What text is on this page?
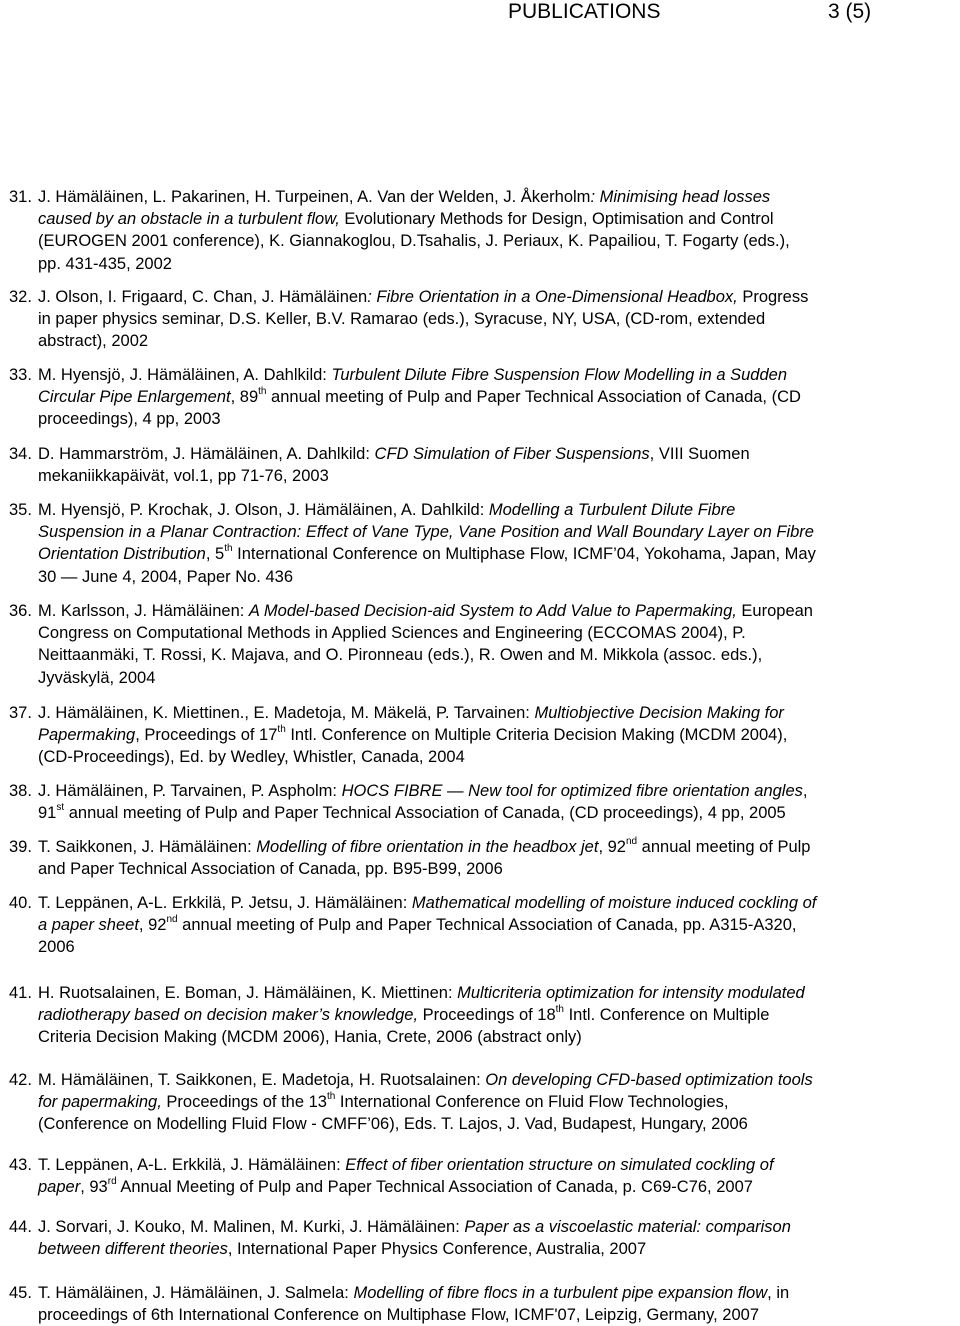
PUBLICATIONS	3 (5)
31. J. Hämäläinen, L. Pakarinen, H. Turpeinen, A. Van der Welden, J. Åkerholm: Minimising head losses
caused by an obstacle in a turbulent flow, Evolutionary Methods for Design, Optimisation and Control
(EUROGEN 2001 conference), K. Giannakoglou, D.Tsahalis, J. Periaux, K. Papailiou, T. Fogarty (eds.),
pp. 431-435, 2002
32. J. Olson, I. Frigaard, C. Chan, J. Hämäläinen: Fibre Orientation in a One-Dimensional Headbox, Progress
in paper physics seminar, D.S. Keller, B.V. Ramarao (eds.), Syracuse, NY, USA, (CD-rom, extended
abstract), 2002
33. M. Hyensjö, J. Hämäläinen, A. Dahlkild: Turbulent Dilute Fibre Suspension Flow Modelling in a Sudden
Circular Pipe Enlargement, 89th annual meeting of Pulp and Paper Technical Association of Canada, (CD
proceedings), 4 pp, 2003
34. D. Hammarström, J. Hämäläinen, A. Dahlkild: CFD Simulation of Fiber Suspensions, VIII Suomen
mekaniikkapäivät, vol.1, pp 71-76, 2003
35. M. Hyensjö, P. Krochak, J. Olson, J. Hämäläinen, A. Dahlkild: Modelling a Turbulent Dilute Fibre
Suspension in a Planar Contraction: Effect of Vane Type, Vane Position and Wall Boundary Layer on Fibre
Orientation Distribution, 5th International Conference on Multiphase Flow, ICMF’04, Yokohama, Japan, May
30 — June 4, 2004, Paper No. 436
36. M. Karlsson, J. Hämäläinen: A Model-based Decision-aid System to Add Value to Papermaking, European
Congress on Computational Methods in Applied Sciences and Engineering (ECCOMAS 2004), P.
Neittaanmäki, T. Rossi, K. Majava, and O. Pironneau (eds.), R. Owen and M. Mikkola (assoc. eds.),
Jyväskylä, 2004
37. J. Hämäläinen, K. Miettinen., E. Madetoja, M. Mäkelä, P. Tarvainen: Multiobjective Decision Making for
Papermaking, Proceedings of 17th Intl. Conference on Multiple Criteria Decision Making (MCDM 2004),
(CD-Proceedings), Ed. by Wedley, Whistler, Canada, 2004
38. J. Hämäläinen, P. Tarvainen, P. Aspholm: HOCS FIBRE — New tool for optimized fibre orientation angles,
91st annual meeting of Pulp and Paper Technical Association of Canada, (CD proceedings), 4 pp, 2005
39. T. Saikkonen, J. Hämäläinen: Modelling of fibre orientation in the headbox jet, 92nd annual meeting of Pulp
and Paper Technical Association of Canada, pp. B95-B99, 2006
40. T. Leppänen, A-L. Erkkilä, P. Jetsu, J. Hämäläinen: Mathematical modelling of moisture induced cockling of
a paper sheet, 92nd annual meeting of Pulp and Paper Technical Association of Canada, pp. A315-A320,
2006
41. H. Ruotsalainen, E. Boman, J. Hämäläinen, K. Miettinen: Multicriteria optimization for intensity modulated
radiotherapy based on decision maker’s knowledge, Proceedings of 18th Intl. Conference on Multiple
Criteria Decision Making (MCDM 2006), Hania, Crete, 2006 (abstract only)
42. M. Hämäläinen, T. Saikkonen, E. Madetoja, H. Ruotsalainen: On developing CFD-based optimization tools
for papermaking, Proceedings of the 13th International Conference on Fluid Flow Technologies,
(Conference on Modelling Fluid Flow - CMFF’06), Eds. T. Lajos, J. Vad, Budapest, Hungary, 2006
43. T. Leppänen, A-L. Erkkilä, J. Hämäläinen: Effect of fiber orientation structure on simulated cockling of
paper, 93rd Annual Meeting of Pulp and Paper Technical Association of Canada, p. C69-C76, 2007
44. J. Sorvari, J. Kouko, M. Malinen, M. Kurki, J. Hämäläinen: Paper as a viscoelastic material: comparison
between different theories, International Paper Physics Conference, Australia, 2007
45. T. Hämäläinen, J. Hämäläinen, J. Salmela: Modelling of fibre flocs in a turbulent pipe expansion flow, in
proceedings of 6th International Conference on Multiphase Flow, ICMF'07, Leipzig, Germany, 2007
